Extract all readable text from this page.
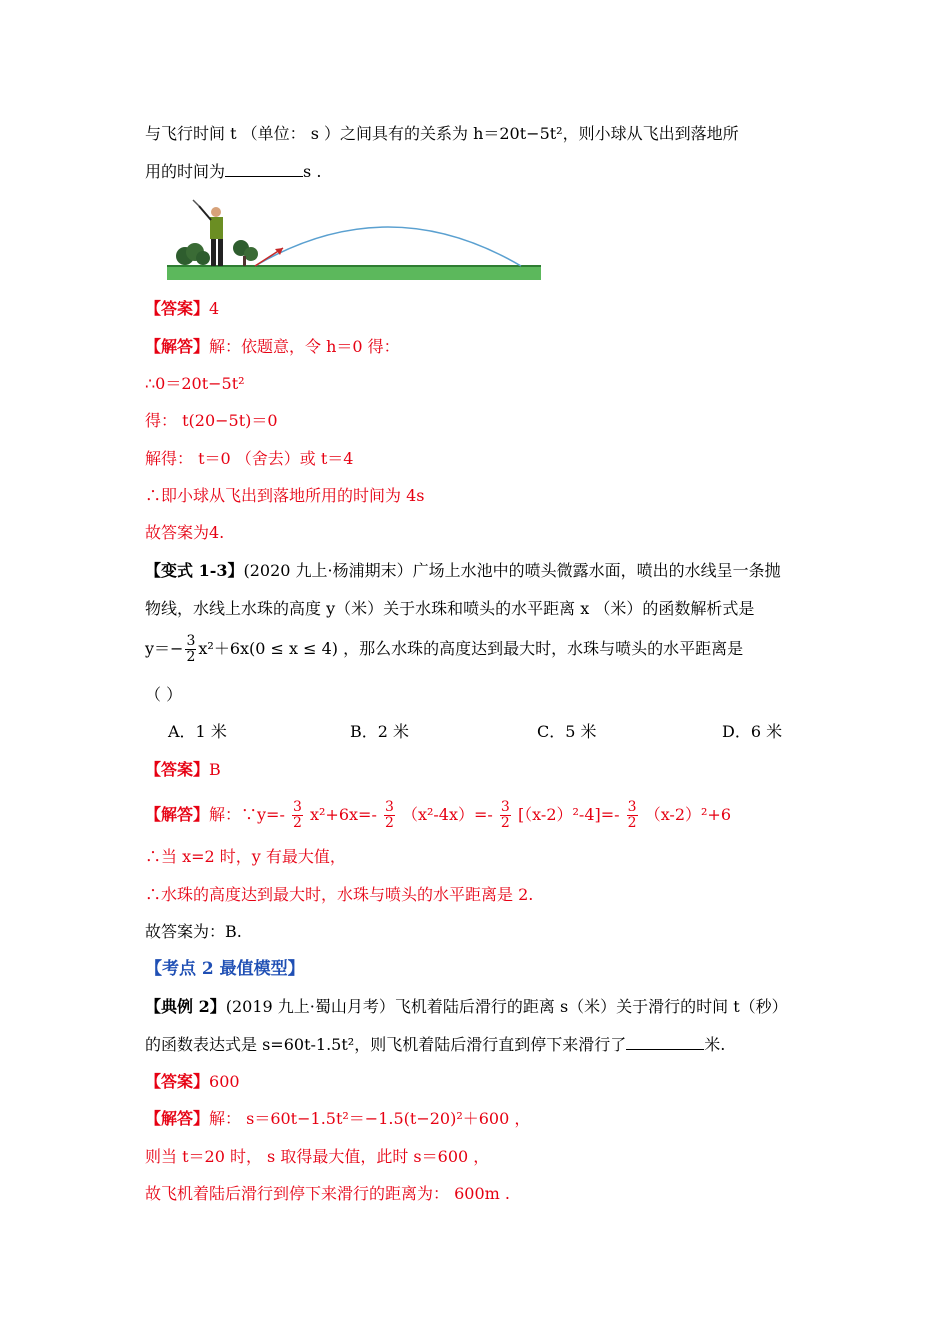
与飞行时间 t （单位： s ）之间具有的关系为 h＝20t−5t²，则小球从飞出到落地所
用的时间为	s .
【答案】4
【解答】解：依题意，令 h＝0 得：
∴0＝20t−5t²
得： t(20−5t)＝0
解得： t＝0 （舍去）或 t＝4
∴即小球从飞出到落地所用的时间为 4s
故答案为4.
【变式 1-3】(2020 九上·杨浦期末）广场上水池中的喷头微露水面，喷出的水线呈一条抛
物线，水线上水珠的高度 y（米）关于水珠和喷头的水平距离 x （米）的函数解析式是
$y=- \frac{3}{2} x^2+6x(0 \le x \le 4)$ ，那么水珠的高度达到最大时，水珠与喷头的水平距离是
（ ）
A．1 米	B．2 米	C．5 米	D．6 米
【答案】B
【解答】解：∵y=- $\frac{3}{2} x^2+6x=- \frac{3}{2} (x^2-4x)=- \frac{3}{2} [(x-2)^2-4]=- \frac{3}{2} (x-2)^2+6$
∴当 x=2 时，y 有最大值，
∴水珠的高度达到最大时，水珠与喷头的水平距离是 2.
故答案为：B.
【考点 2 最值模型】
【典例 2】(2019 九上·蜀山月考）飞机着陆后滑行的距离 s（米）关于滑行的时间 t（秒）
的函数表达式是 s=60t-1.5t²，则飞机着陆后滑行直到停下来滑行了	米.
【答案】600
【解答】解： s＝60t−1.5t²＝−1.5(t−20)²＋600 ，
则当 t＝20 时， s 取得最大值，此时 s＝600 ，
故飞机着陆后滑行到停下来滑行的距离为： 600m .
